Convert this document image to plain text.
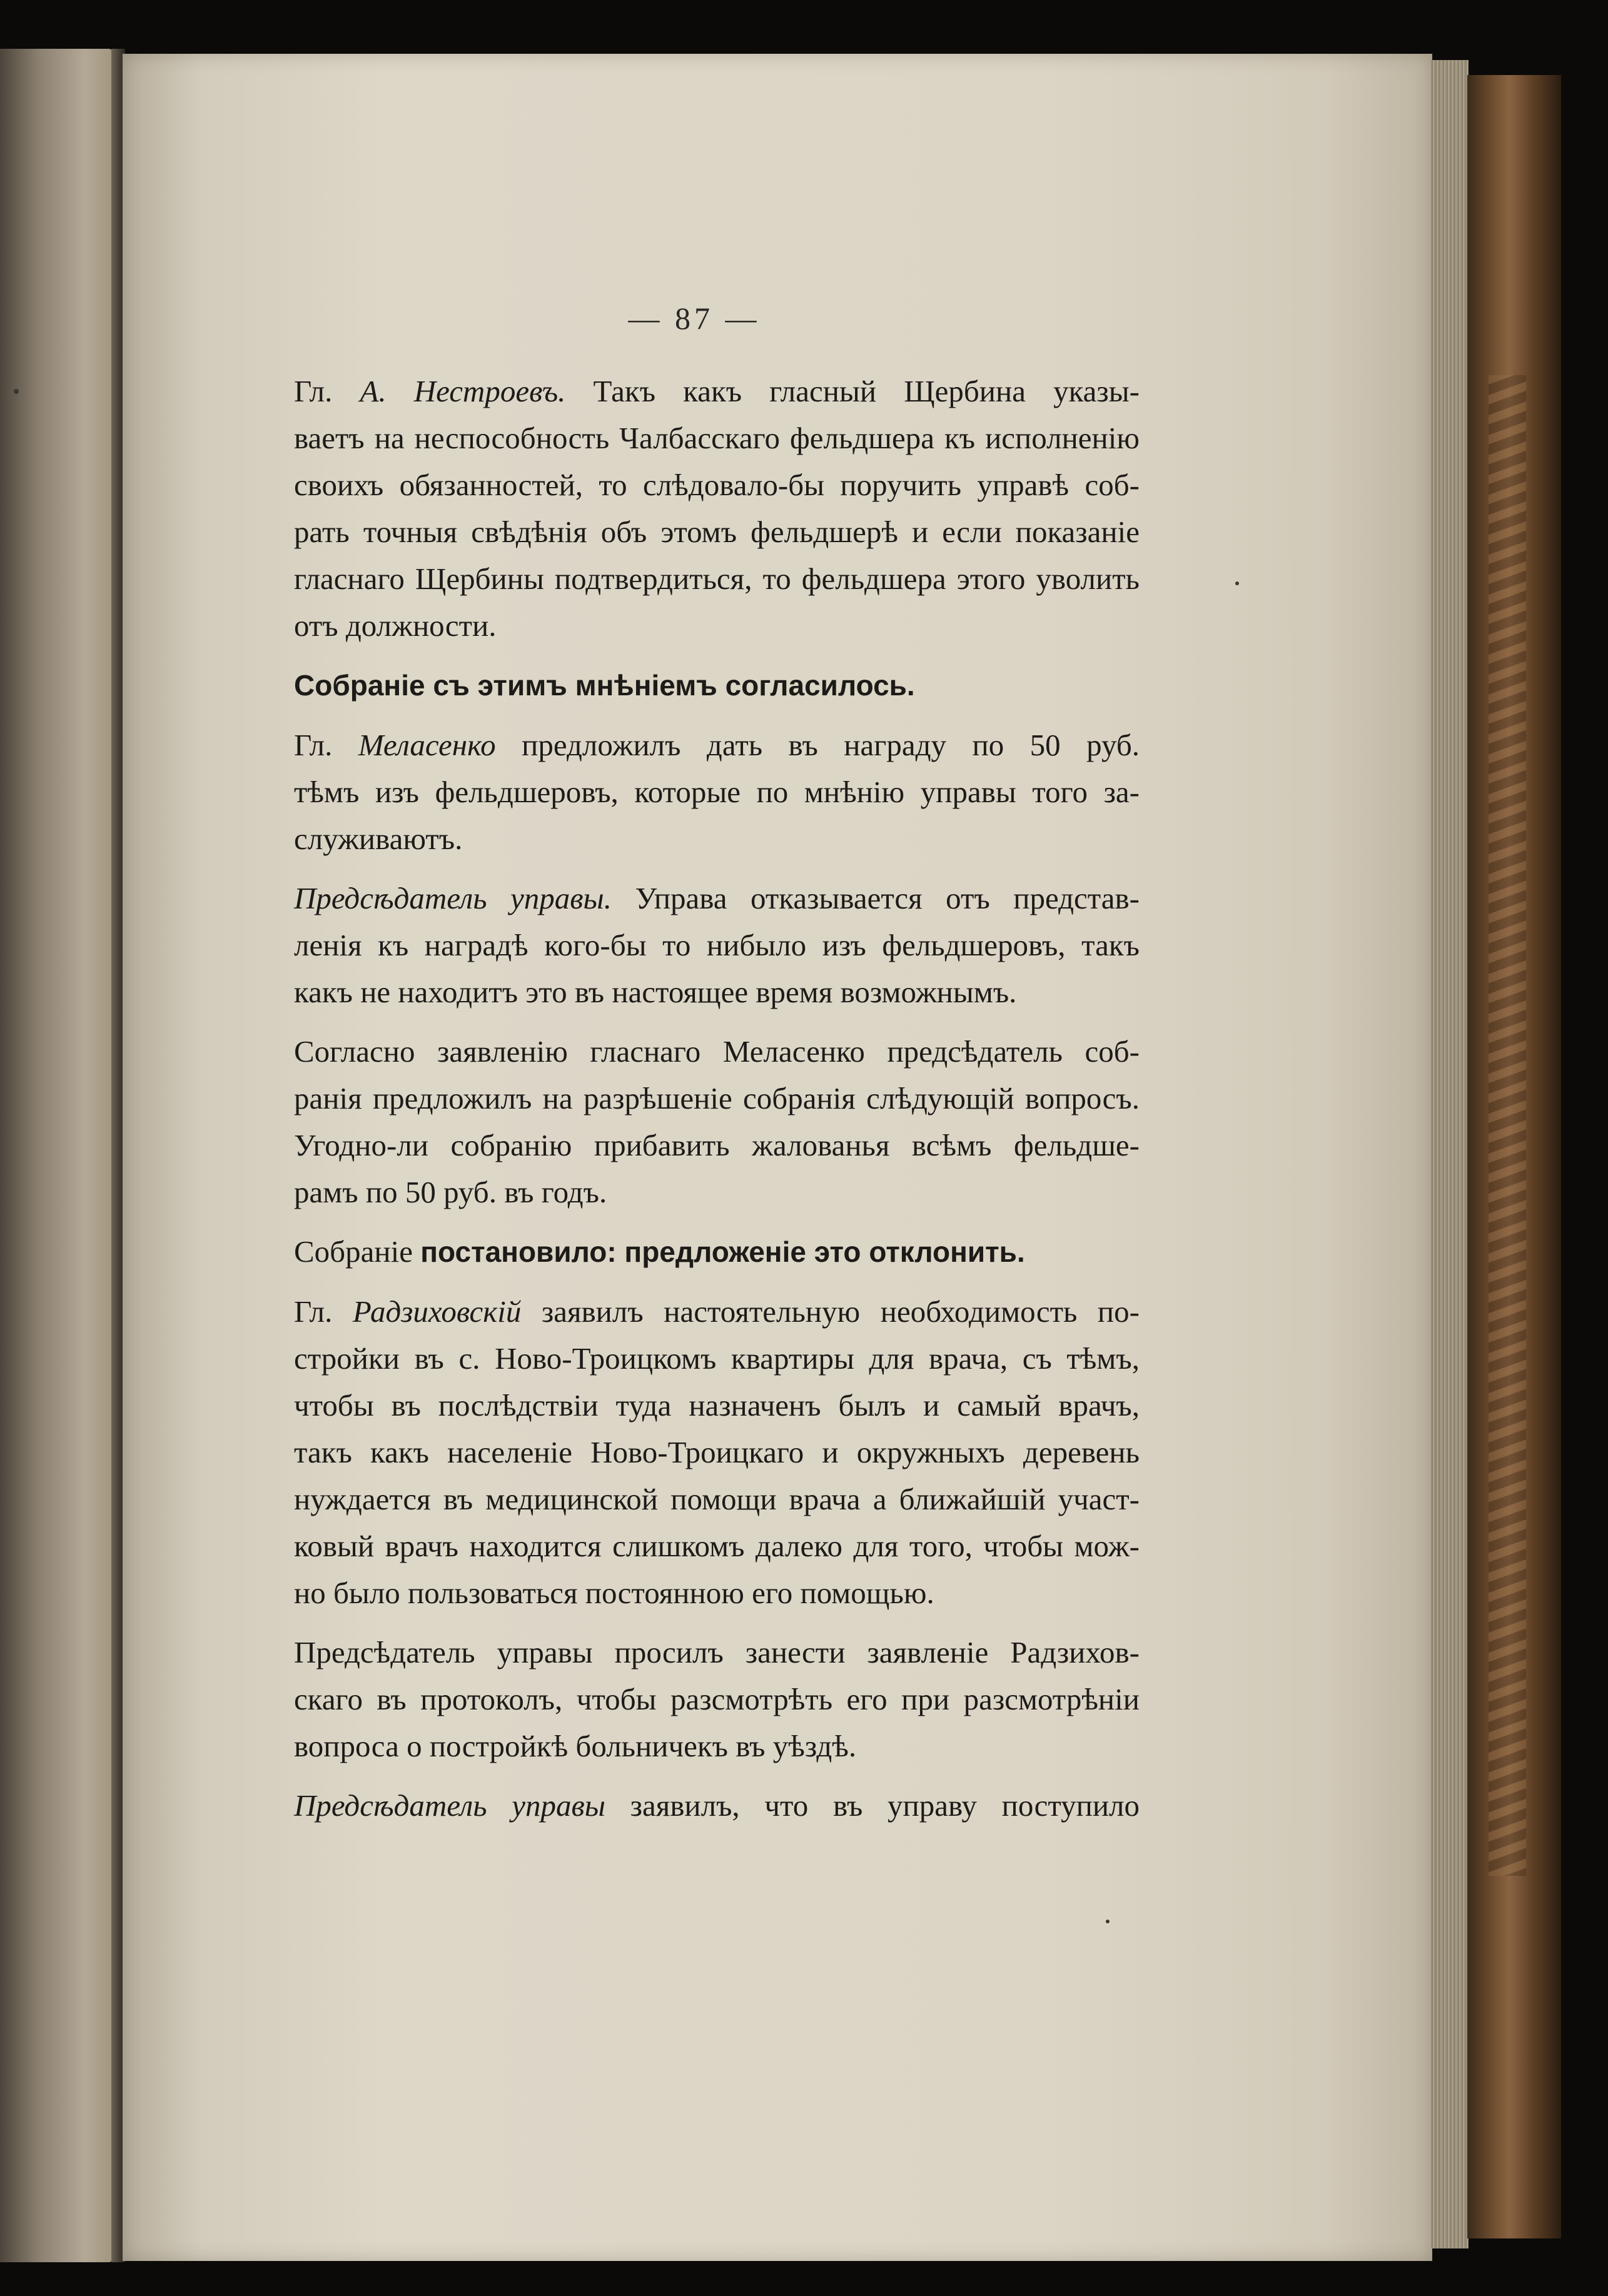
— 87 —
Гл. А. Нестроевъ. Такъ какъ гласный Щербина указы-
ваетъ на неспособность Чалбасскаго фельдшера къ исполненiю
своихъ обязанностей, то слѣдовало-бы поручить управѣ соб-
рать точныя свѣдѣнiя объ этомъ фельдшерѣ и если показанiе
гласнаго Щербины подтвердиться, то фельдшера этого уволить
отъ должности.
Собранiе съ этимъ мнѣнiемъ согласилось.
Гл. Меласенко предложилъ дать въ награду по 50 руб.
тѣмъ изъ фельдшеровъ, которые по мнѣнiю управы того за-
служиваютъ.
Предсѣдатель управы. Управа отказывается отъ представ-
ленiя къ наградѣ кого-бы то нибыло изъ фельдшеровъ, такъ
какъ не находитъ это въ настоящее время возможнымъ.
Согласно заявленiю гласнаго Меласенко предсѣдатель соб-
ранiя предложилъ на разрѣшенiе собранiя слѣдующiй вопросъ.
Угодно-ли собранiю прибавить жалованья всѣмъ фельдше-
рамъ по 50 руб. въ годъ.
Собранiе постановило: предложенiе это отклонить.
Гл. Радзиховскiй заявилъ настоятельную необходимость по-
стройки въ с. Ново-Троицкомъ квартиры для врача, съ тѣмъ,
чтобы въ послѣдствiи туда назначенъ былъ и самый врачъ,
такъ какъ населенiе Ново-Троицкаго и окружныхъ деревень
нуждается въ медицинской помощи врача а ближайшiй участ-
ковый врачъ находится слишкомъ далеко для того, чтобы мож-
но было пользоваться постоянною его помощью.
Предсѣдатель управы просилъ занести заявленiе Радзихов-
скаго въ протоколъ, чтобы разсмотрѣть его при разсмотрѣнiи
вопроса о постройкѣ больничекъ въ уѣздѣ.
Предсѣдатель управы заявилъ, что въ управу поступило
